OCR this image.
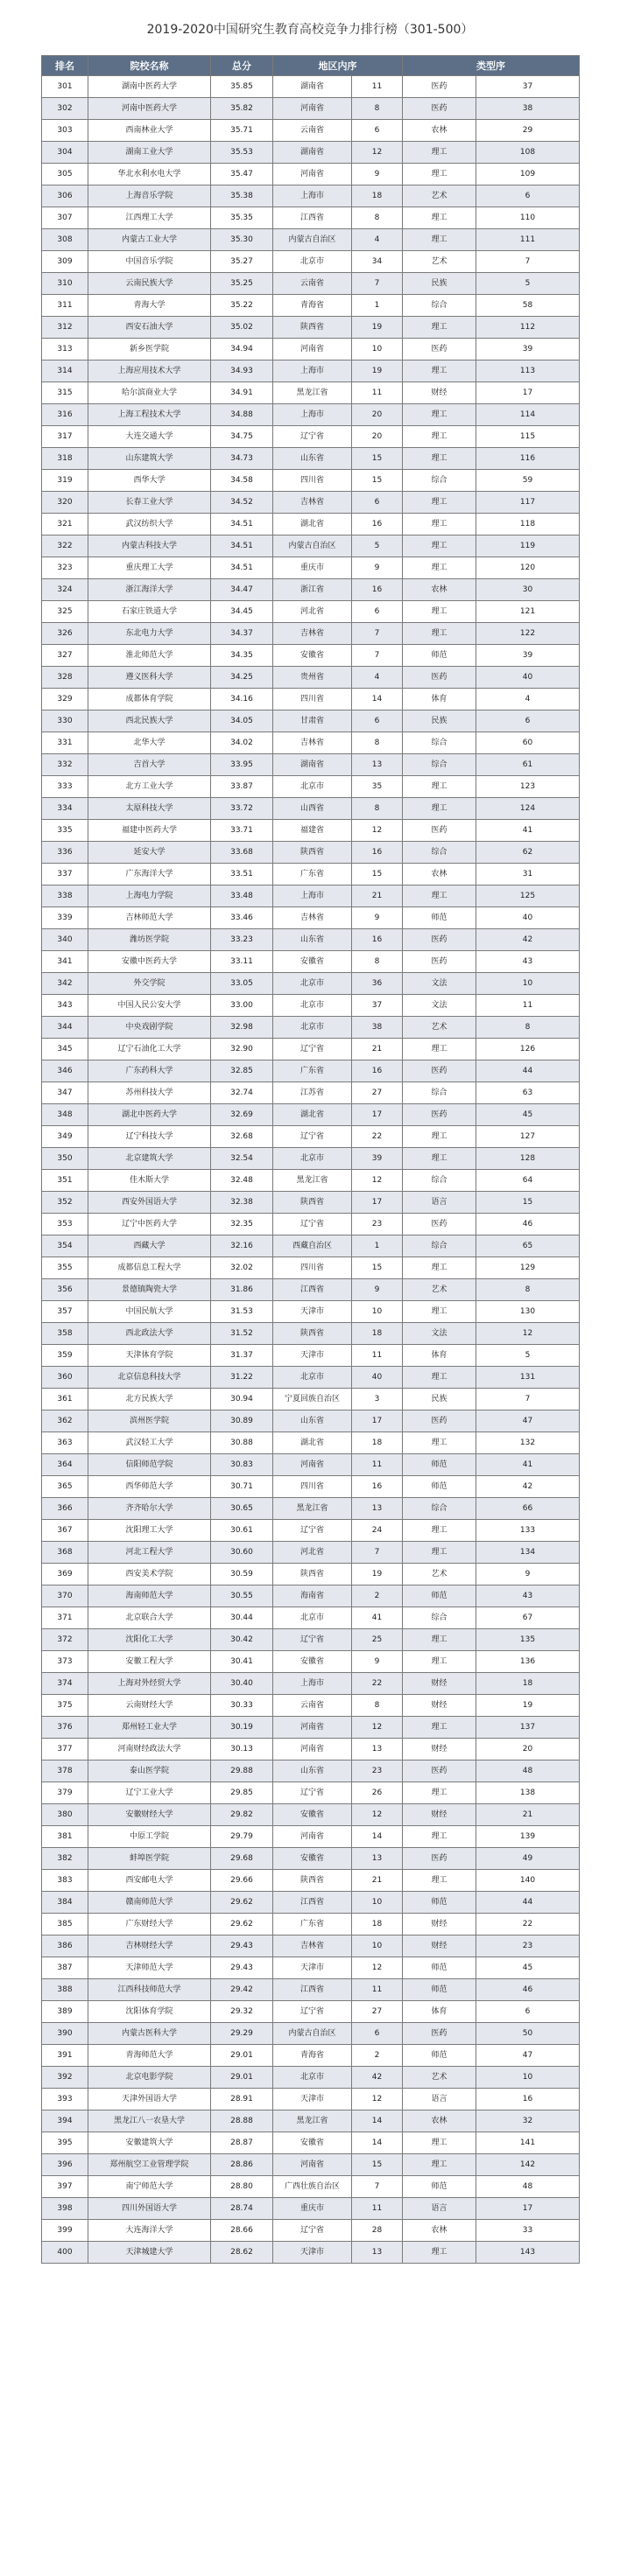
2019-2020中国研究生教育高校竞争力排行榜（301-500）
排名	院校名称	总分	地区内序		类型序	
301	湖南中医药大学	35.85	湖南省	11	医药	37
302	河南中医药大学	35.82	河南省	8	医药	38
303	西南林业大学	35.71	云南省	6	农林	29
304	湖南工业大学	35.53	湖南省	12	理工	108
305	华北水利水电大学	35.47	河南省	9	理工	109
306	上海音乐学院	35.38	上海市	18	艺术	6
307	江西理工大学	35.35	江西省	8	理工	110
308	内蒙古工业大学	35.30	内蒙古自治区	4	理工	111
309	中国音乐学院	35.27	北京市	34	艺术	7
310	云南民族大学	35.25	云南省	7	民族	5
311	青海大学	35.22	青海省	1	综合	58
312	西安石油大学	35.02	陕西省	19	理工	112
313	新乡医学院	34.94	河南省	10	医药	39
314	上海应用技术大学	34.93	上海市	19	理工	113
315	哈尔滨商业大学	34.91	黑龙江省	11	财经	17
316	上海工程技术大学	34.88	上海市	20	理工	114
317	大连交通大学	34.75	辽宁省	20	理工	115
318	山东建筑大学	34.73	山东省	15	理工	116
319	西华大学	34.58	四川省	15	综合	59
320	长春工业大学	34.52	吉林省	6	理工	117
321	武汉纺织大学	34.51	湖北省	16	理工	118
322	内蒙古科技大学	34.51	内蒙古自治区	5	理工	119
323	重庆理工大学	34.51	重庆市	9	理工	120
324	浙江海洋大学	34.47	浙江省	16	农林	30
325	石家庄铁道大学	34.45	河北省	6	理工	121
326	东北电力大学	34.37	吉林省	7	理工	122
327	淮北师范大学	34.35	安徽省	7	师范	39
328	遵义医科大学	34.25	贵州省	4	医药	40
329	成都体育学院	34.16	四川省	14	体育	4
330	西北民族大学	34.05	甘肃省	6	民族	6
331	北华大学	34.02	吉林省	8	综合	60
332	吉首大学	33.95	湖南省	13	综合	61
333	北方工业大学	33.87	北京市	35	理工	123
334	太原科技大学	33.72	山西省	8	理工	124
335	福建中医药大学	33.71	福建省	12	医药	41
336	延安大学	33.68	陕西省	16	综合	62
337	广东海洋大学	33.51	广东省	15	农林	31
338	上海电力学院	33.48	上海市	21	理工	125
339	吉林师范大学	33.46	吉林省	9	师范	40
340	潍坊医学院	33.23	山东省	16	医药	42
341	安徽中医药大学	33.11	安徽省	8	医药	43
342	外交学院	33.05	北京市	36	文法	10
343	中国人民公安大学	33.00	北京市	37	文法	11
344	中央戏剧学院	32.98	北京市	38	艺术	8
345	辽宁石油化工大学	32.90	辽宁省	21	理工	126
346	广东药科大学	32.85	广东省	16	医药	44
347	苏州科技大学	32.74	江苏省	27	综合	63
348	湖北中医药大学	32.69	湖北省	17	医药	45
349	辽宁科技大学	32.68	辽宁省	22	理工	127
350	北京建筑大学	32.54	北京市	39	理工	128
351	佳木斯大学	32.48	黑龙江省	12	综合	64
352	西安外国语大学	32.38	陕西省	17	语言	15
353	辽宁中医药大学	32.35	辽宁省	23	医药	46
354	西藏大学	32.16	西藏自治区	1	综合	65
355	成都信息工程大学	32.02	四川省	15	理工	129
356	景德镇陶瓷大学	31.86	江西省	9	艺术	8
357	中国民航大学	31.53	天津市	10	理工	130
358	西北政法大学	31.52	陕西省	18	文法	12
359	天津体育学院	31.37	天津市	11	体育	5
360	北京信息科技大学	31.22	北京市	40	理工	131
361	北方民族大学	30.94	宁夏回族自治区	3	民族	7
362	滨州医学院	30.89	山东省	17	医药	47
363	武汉轻工大学	30.88	湖北省	18	理工	132
364	信阳师范学院	30.83	河南省	11	师范	41
365	西华师范大学	30.71	四川省	16	师范	42
366	齐齐哈尔大学	30.65	黑龙江省	13	综合	66
367	沈阳理工大学	30.61	辽宁省	24	理工	133
368	河北工程大学	30.60	河北省	7	理工	134
369	西安美术学院	30.59	陕西省	19	艺术	9
370	海南师范大学	30.55	海南省	2	师范	43
371	北京联合大学	30.44	北京市	41	综合	67
372	沈阳化工大学	30.42	辽宁省	25	理工	135
373	安徽工程大学	30.41	安徽省	9	理工	136
374	上海对外经贸大学	30.40	上海市	22	财经	18
375	云南财经大学	30.33	云南省	8	财经	19
376	郑州轻工业大学	30.19	河南省	12	理工	137
377	河南财经政法大学	30.13	河南省	13	财经	20
378	泰山医学院	29.88	山东省	23	医药	48
379	辽宁工业大学	29.85	辽宁省	26	理工	138
380	安徽财经大学	29.82	安徽省	12	财经	21
381	中原工学院	29.79	河南省	14	理工	139
382	蚌埠医学院	29.68	安徽省	13	医药	49
383	西安邮电大学	29.66	陕西省	21	理工	140
384	赣南师范大学	29.62	江西省	10	师范	44
385	广东财经大学	29.62	广东省	18	财经	22
386	吉林财经大学	29.43	吉林省	10	财经	23
387	天津师范大学	29.43	天津市	12	师范	45
388	江西科技师范大学	29.42	江西省	11	师范	46
389	沈阳体育学院	29.32	辽宁省	27	体育	6
390	内蒙古医科大学	29.29	内蒙古自治区	6	医药	50
391	青海师范大学	29.01	青海省	2	师范	47
392	北京电影学院	29.01	北京市	42	艺术	10
393	天津外国语大学	28.91	天津市	12	语言	16
394	黑龙江八一农垦大学	28.88	黑龙江省	14	农林	32
395	安徽建筑大学	28.87	安徽省	14	理工	141
396	郑州航空工业管理学院	28.86	河南省	15	理工	142
397	南宁师范大学	28.80	广西壮族自治区	7	师范	48
398	四川外国语大学	28.74	重庆市	11	语言	17
399	大连海洋大学	28.66	辽宁省	28	农林	33
400	天津城建大学	28.62	天津市	13	理工	143
